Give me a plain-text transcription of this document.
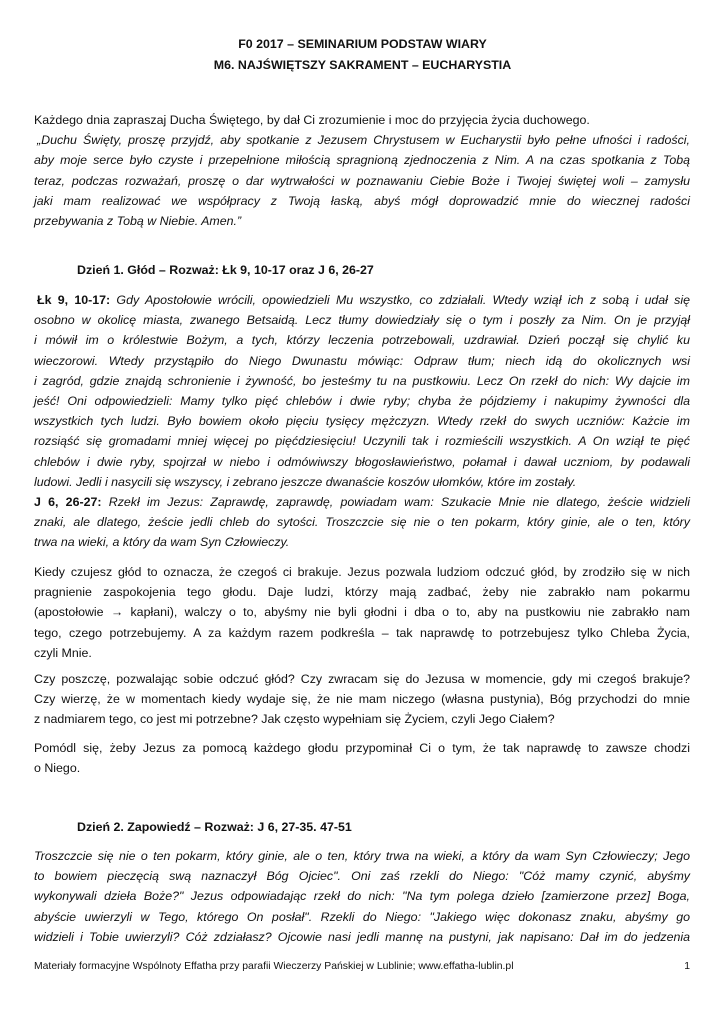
F0 2017 – SEMINARIUM PODSTAW WIARY
M6. NAJŚWIĘTSZY SAKRAMENT – EUCHARYSTIA
Każdego dnia zapraszaj Ducha Świętego, by dał Ci zrozumienie i moc do przyjęcia życia duchowego.
„Duchu Święty, proszę przyjdź, aby spotkanie z Jezusem Chrystusem w Eucharystii było pełne ufności i radości,
aby moje serce było czyste i przepełnione miłością spragnioną zjednoczenia z Nim. A na czas spotkania z Tobą
teraz, podczas rozważań, proszę o dar wytrwałości w poznawaniu Ciebie Boże i Twojej świętej woli – zamysłu
jaki mam realizować we współpracy z Twoją łaską, abyś mógł doprowadzić mnie do wiecznej radości
przebywania z Tobą w Niebie. Amen.”
Dzień 1. Głód – Rozważ: Łk 9, 10-17 oraz J 6, 26-27
Łk 9, 10-17: Gdy Apostołowie wrócili, opowiedzieli Mu wszystko, co zdziałali. Wtedy wziął ich z sobą i udał się
osobno w okolicę miasta, zwanego Betsaidą. Lecz tłumy dowiedziały się o tym i poszły za Nim. On je przyjął
i mówił im o królestwie Bożym, a tych, którzy leczenia potrzebowali, uzdrawiał. Dzień począł się chylić ku
wieczorowi. Wtedy przystąpiło do Niego Dwunastu mówiąc: Odpraw tłum; niech idą do okolicznych wsi
i zagród, gdzie znajdą schronienie i żywność, bo jesteśmy tu na pustkowiu. Lecz On rzekł do nich: Wy dajcie im
jeść! Oni odpowiedzieli: Mamy tylko pięć chlebów i dwie ryby; chyba że pójdziemy i nakupimy żywności dla
wszystkich tych ludzi. Było bowiem około pięciu tysięcy mężczyzn. Wtedy rzekł do swych uczniów: Każcie im
rozsiąść się gromadami mniej więcej po pięćdziesięciu! Uczynili tak i rozmieścili wszystkich. A On wziął te pięć
chlebów i dwie ryby, spojrzał w niebo i odmówiwszy błogosławieństwo, połamał i dawał uczniom, by podawali
ludowi. Jedli i nasycili się wszyscy, i zebrano jeszcze dwanaście koszów ułomków, które im zostały.
J 6, 26-27: Rzekł im Jezus: Zaprawdę, zaprawdę, powiadam wam: Szukacie Mnie nie dlatego, żeście widzieli
znaki, ale dlatego, żeście jedli chleb do sytości. Troszczcie się nie o ten pokarm, który ginie, ale o ten, który
trwa na wieki, a który da wam Syn Człowieczy.
Kiedy czujesz głód to oznacza, że czegoś ci brakuje. Jezus pozwala ludziom odczuć głód, by zrodziło się w nich
pragnienie zaspokojenia tego głodu. Daje ludzi, którzy mają zadbać, żeby nie zabrakło nam pokarmu
(apostołowie → kapłani), walczy o to, abyśmy nie byli głodni i dba o to, aby na pustkowiu nie zabrakło nam
tego, czego potrzebujemy. A za każdym razem podkreśla – tak naprawdę to potrzebujesz tylko Chleba Życia,
czyli Mnie.
Czy poszczę, pozwalając sobie odczuć głód? Czy zwracam się do Jezusa w momencie, gdy mi czegoś brakuje?
Czy wierzę, że w momentach kiedy wydaje się, że nie mam niczego (własna pustynia), Bóg przychodzi do mnie
z nadmiarem tego, co jest mi potrzebne? Jak często wypełniam się Życiem, czyli Jego Ciałem?
Pomódl się, żeby Jezus za pomocą każdego głodu przypominał Ci o tym, że tak naprawdę to zawsze chodzi
o Niego.
Dzień 2. Zapowiedź – Rozważ: J 6, 27-35. 47-51
Troszczcie się nie o ten pokarm, który ginie, ale o ten, który trwa na wieki, a który da wam Syn Człowieczy; Jego
to bowiem pieczęcią swą naznaczył Bóg Ojciec". Oni zaś rzekli do Niego: "Cóż mamy czynić, abyśmy
wykonywali dzieła Boże?" Jezus odpowiadając rzekł do nich: "Na tym polega dzieło [zamierzone przez] Boga,
abyście uwierzyli w Tego, którego On posłał". Rzekli do Niego: "Jakiego więc dokonasz znaku, abyśmy go
widzieli i Tobie uwierzyli? Cóż zdziałasz? Ojcowie nasi jedli mannę na pustyni, jak napisano: Dał im do jedzenia
Materiały formacyjne Wspólnoty Effatha przy parafii Wieczerzy Pańskiej w Lublinie; www.effatha-lublin.pl	1
